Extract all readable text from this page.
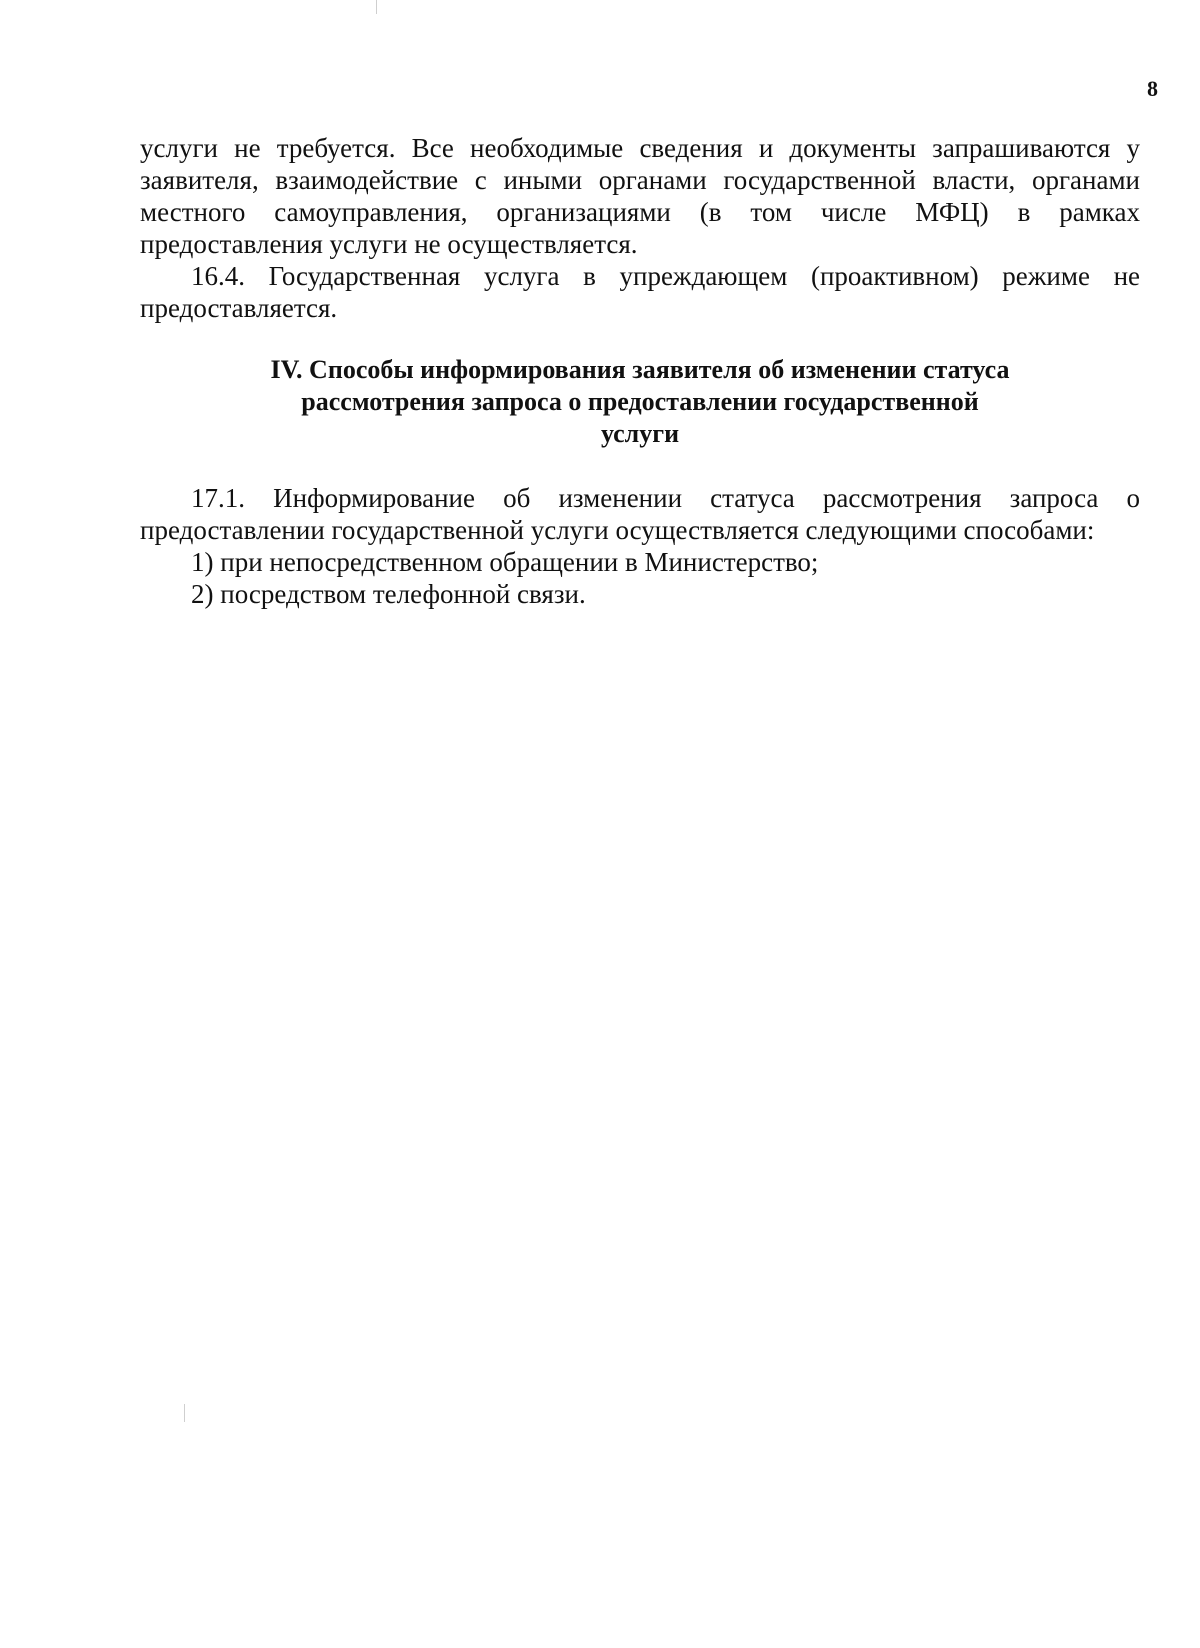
8

услуги не требуется. Все необходимые сведения и документы запрашиваются у заявителя, взаимодействие с иными органами государственной власти, органами местного самоуправления, организациями (в том числе МФЦ) в рамках предоставления услуги не осуществляется.

16.4. Государственная услуга в упреждающем (проактивном) режиме не предоставляется.

IV. Способы информирования заявителя об изменении статуса
рассмотрения запроса о предоставлении государственной
услуги

17.1. Информирование об изменении статуса рассмотрения запроса о предоставлении государственной услуги осуществляется следующими способами:

1) при непосредственном обращении в Министерство;

2) посредством телефонной связи.
